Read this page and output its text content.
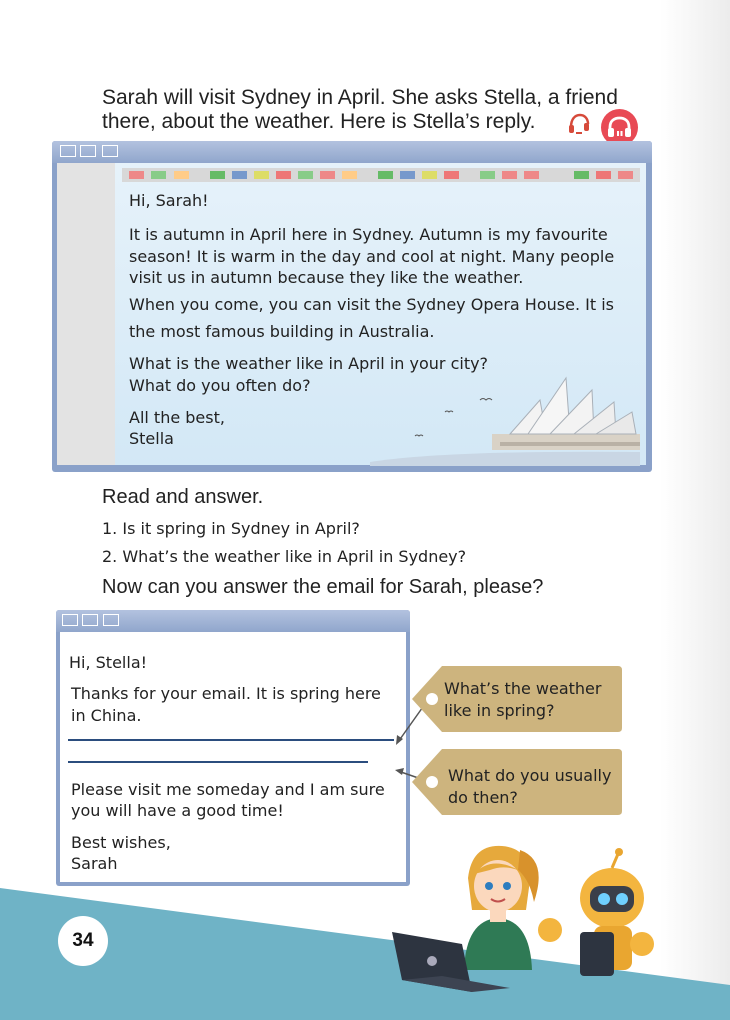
Sarah will visit Sydney in April. She asks Stella, a friend
there, about the weather. Here is Stella’s reply.
Hi, Sarah!
It is autumn in April here in Sydney. Autumn is my favourite
season! It is warm in the day and cool at night. Many people
visit us in autumn because they like the weather.
When you come, you can visit the Sydney Opera House. It is
the most famous building in Australia.
What is the weather like in April in your city?
What do you often do?
All the best,
Stella
Read and answer.
1. Is it spring in Sydney in April?
2. What’s the weather like in April in Sydney?
Now can you answer the email for Sarah, please?
Hi, Stella!
Thanks for your email. It is spring here
in China.
Please visit me someday and I am sure
you will have a good time!
Best wishes,
Sarah
What’s the weather
like in spring?
What do you usually
do then?
34
